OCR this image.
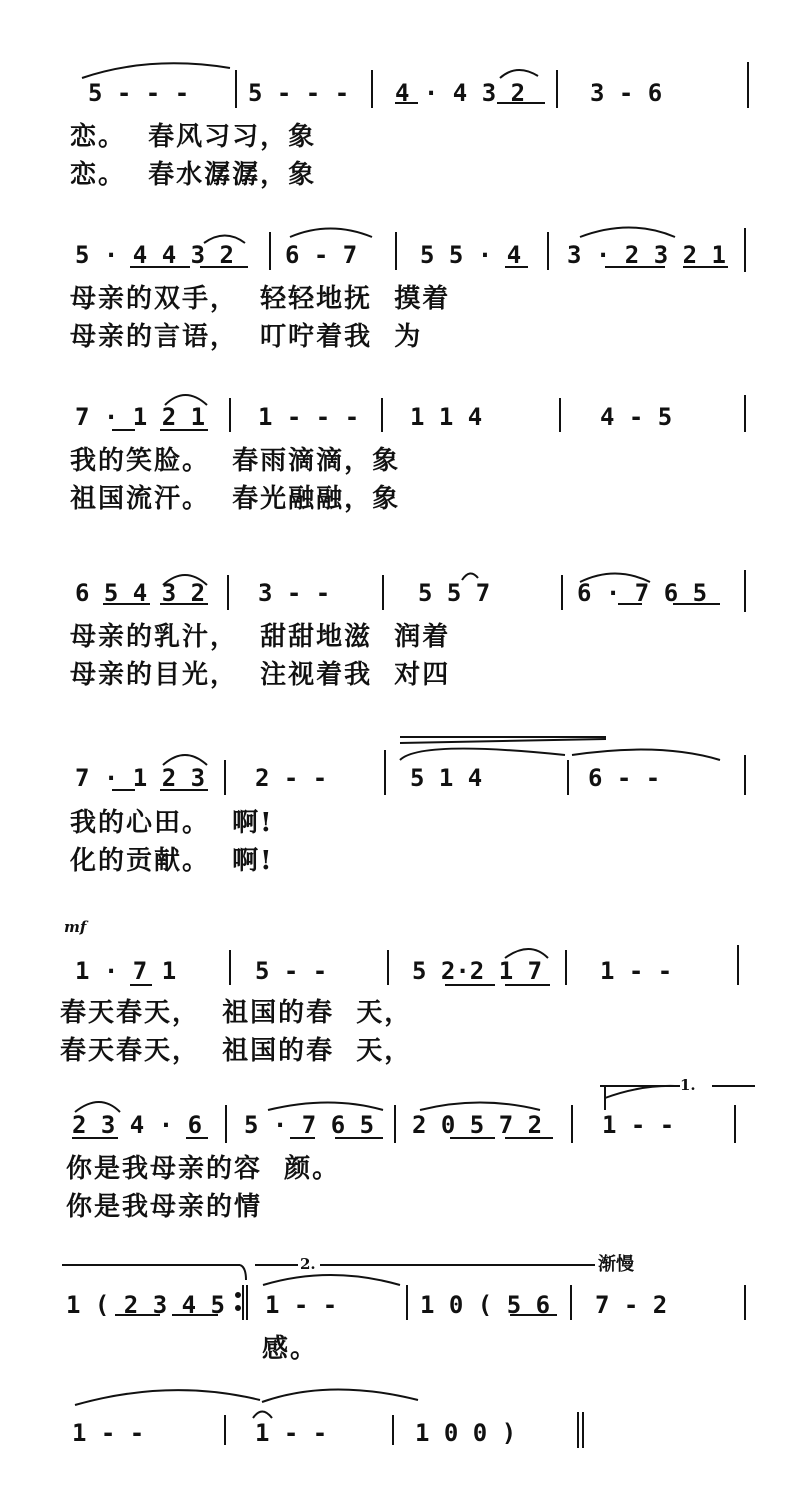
5 - - - 5 - - - 4 · 4 3 2	3 - 6
恋。  春风习习，象
恋。  春水潺潺，象
5 · 4 4 3 2 6 - 7	5 5 · 4 3 · 2 3 2 1
母亲的双手，  轻轻地抚  摸着
母亲的言语，  叮咛着我  为
7 · 1 2 1 1 - - - 1 1 4	4 - 5
我的笑脸。  春雨滴滴，象
祖国流汗。  春光融融，象
6 5 4 3 2 3 - -	5 5 7	6 · 7 6 5
母亲的乳汁，  甜甜地滋  润着
母亲的目光，  注视着我  对四
7 · 1 2 3 2 - -	5 1 4	6 - -
我的心田。  啊!
化的贡献。  啊!
mf
1 · 7 1	5 - -	5 2·2 1 7 1 - -
春天春天，  祖国的春  天，
春天春天，  祖国的春  天，
1.
2 3 4 · 6 5 · 7 6 5 2 0 5 7 2 1 - -
你是我母亲的容  颜。
你是我母亲的情
2.	渐慢
1 ( 2 3 4 5 1 - -	1 0 ( 5 6 7 - 2
感。
1 - -	1 - -	1 0 0 )
